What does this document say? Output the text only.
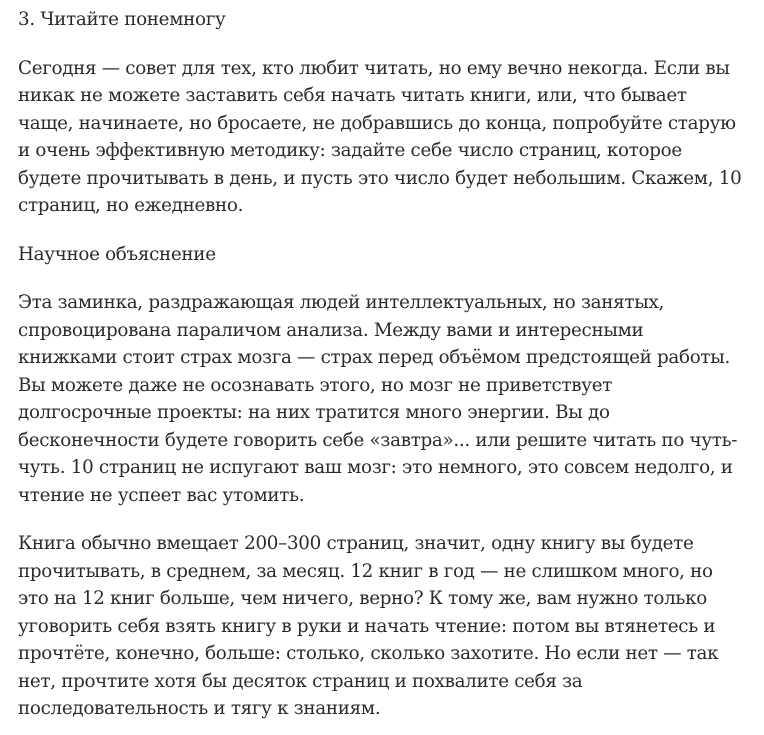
3. Читайте понемногу

Сегодня — совет для тех, кто любит читать, но ему вечно некогда. Если вы никак не можете заставить себя начать читать книги, или, что бывает чаще, начинаете, но бросаете, не добравшись до конца, попробуйте старую и очень эффективную методику: задайте себе число страниц, которое будете прочитывать в день, и пусть это число будет небольшим. Скажем, 10 страниц, но ежедневно.

Научное объяснение

Эта заминка, раздражающая людей интеллектуальных, но занятых, спровоцирована параличом анализа. Между вами и интересными книжками стоит страх мозга — страх перед объёмом предстоящей работы. Вы можете даже не осознавать этого, но мозг не приветствует долгосрочные проекты: на них тратится много энергии. Вы до бесконечности будете говорить себе «завтра»... или решите читать по чуть-чуть. 10 страниц не испугают ваш мозг: это немного, это совсем недолго, и чтение не успеет вас утомить.

Книга обычно вмещает 200–300 страниц, значит, одну книгу вы будете прочитывать, в среднем, за месяц. 12 книг в год — не слишком много, но это на 12 книг больше, чем ничего, верно? К тому же, вам нужно только уговорить себя взять книгу в руки и начать чтение: потом вы втянетесь и прочтёте, конечно, больше: столько, сколько захотите. Но если нет — так нет, прочтите хотя бы десяток страниц и похвалите себя за последовательность и тягу к знаниям.
